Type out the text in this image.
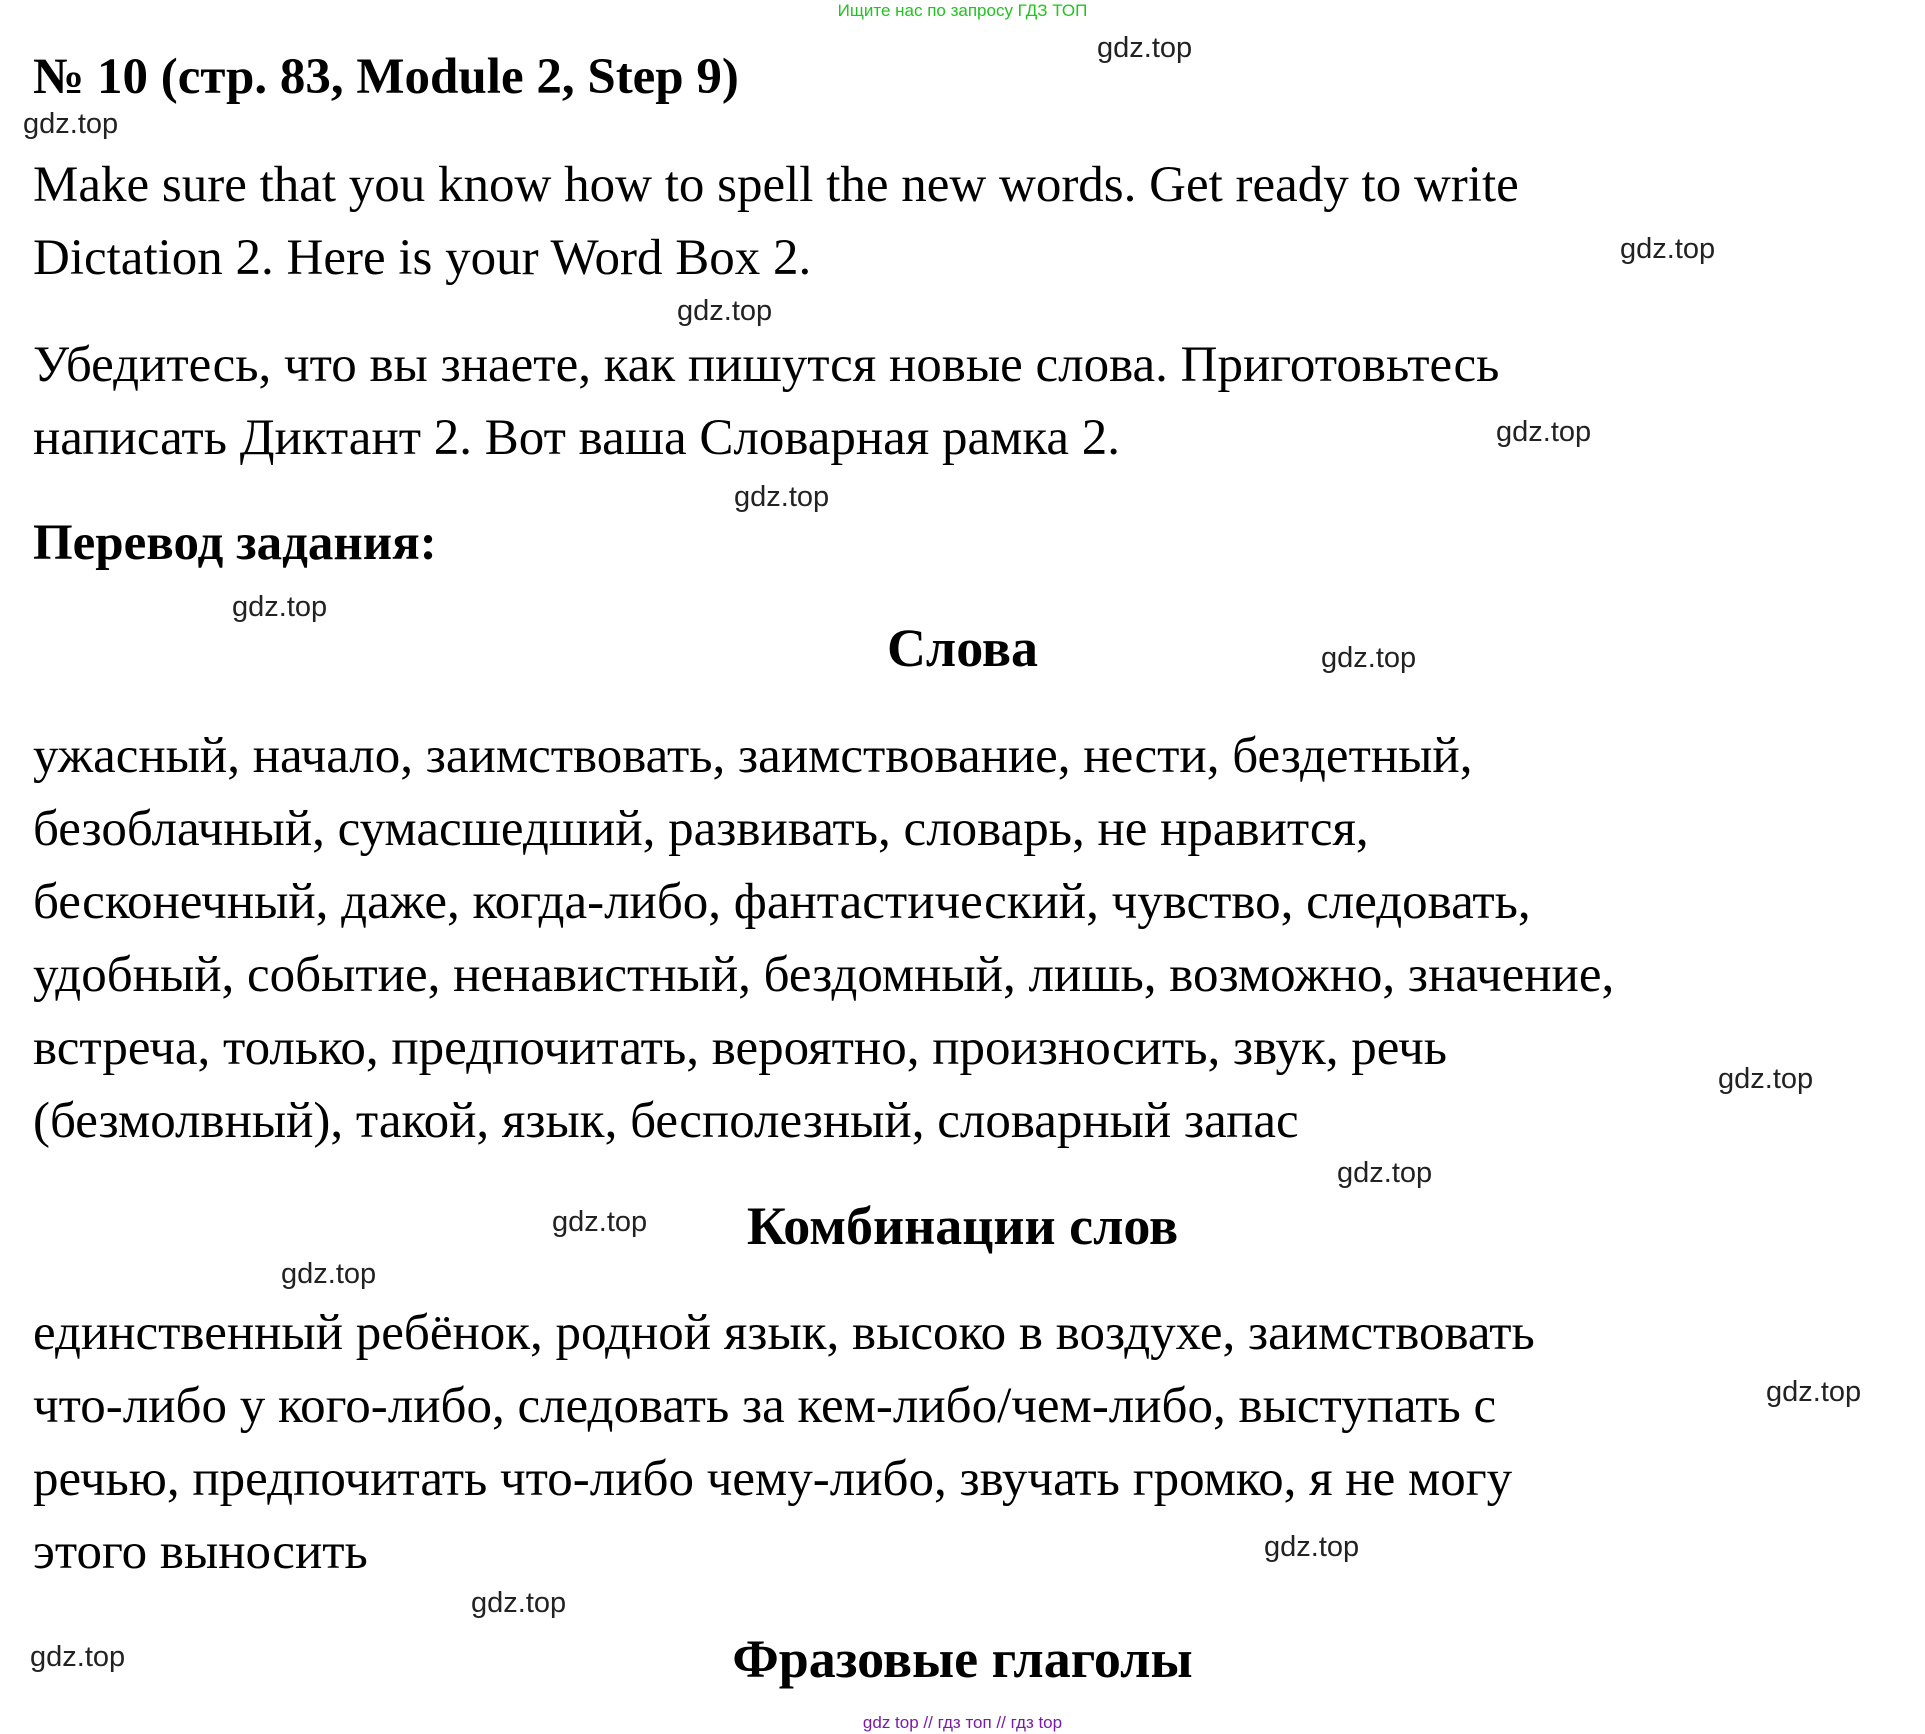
Ищите нас по запросу ГДЗ ТОП
№ 10 (стр. 83, Module 2, Step 9)

Make sure that you know how to spell the new words. Get ready to write
Dictation 2. Here is your Word Box 2.

Убедитесь, что вы знаете, как пишутся новые слова. Приготовьтесь
написать Диктант 2. Вот ваша Словарная рамка 2.

Перевод задания:
Слова

ужасный, начало, заимствовать, заимствование, нести, бездетный,
безоблачный, сумасшедший, развивать, словарь, не нравится,
бесконечный, даже, когда-либо, фантастический, чувство, следовать,
удобный, событие, ненавистный, бездомный, лишь, возможно, значение,
встреча, только, предпочитать, вероятно, произносить, звук, речь
(безмолвный), такой, язык, бесполезный, словарный запас

Комбинации слов

единственный ребёнок, родной язык, высоко в воздухе, заимствовать
что-либо у кого-либо, следовать за кем-либо/чем-либо, выступать с
речью, предпочитать что-либо чему-либо, звучать громко, я не могу
этого выносить

Фразовые глаголы
gdz.top
gdz.top
gdz.top
gdz.top
gdz.top
gdz.top
gdz.top
gdz.top
gdz.top
gdz.top
gdz.top
gdz.top
gdz.top
gdz.top
gdz.top
gdz.top
gdz top // гдз топ // гдз top
